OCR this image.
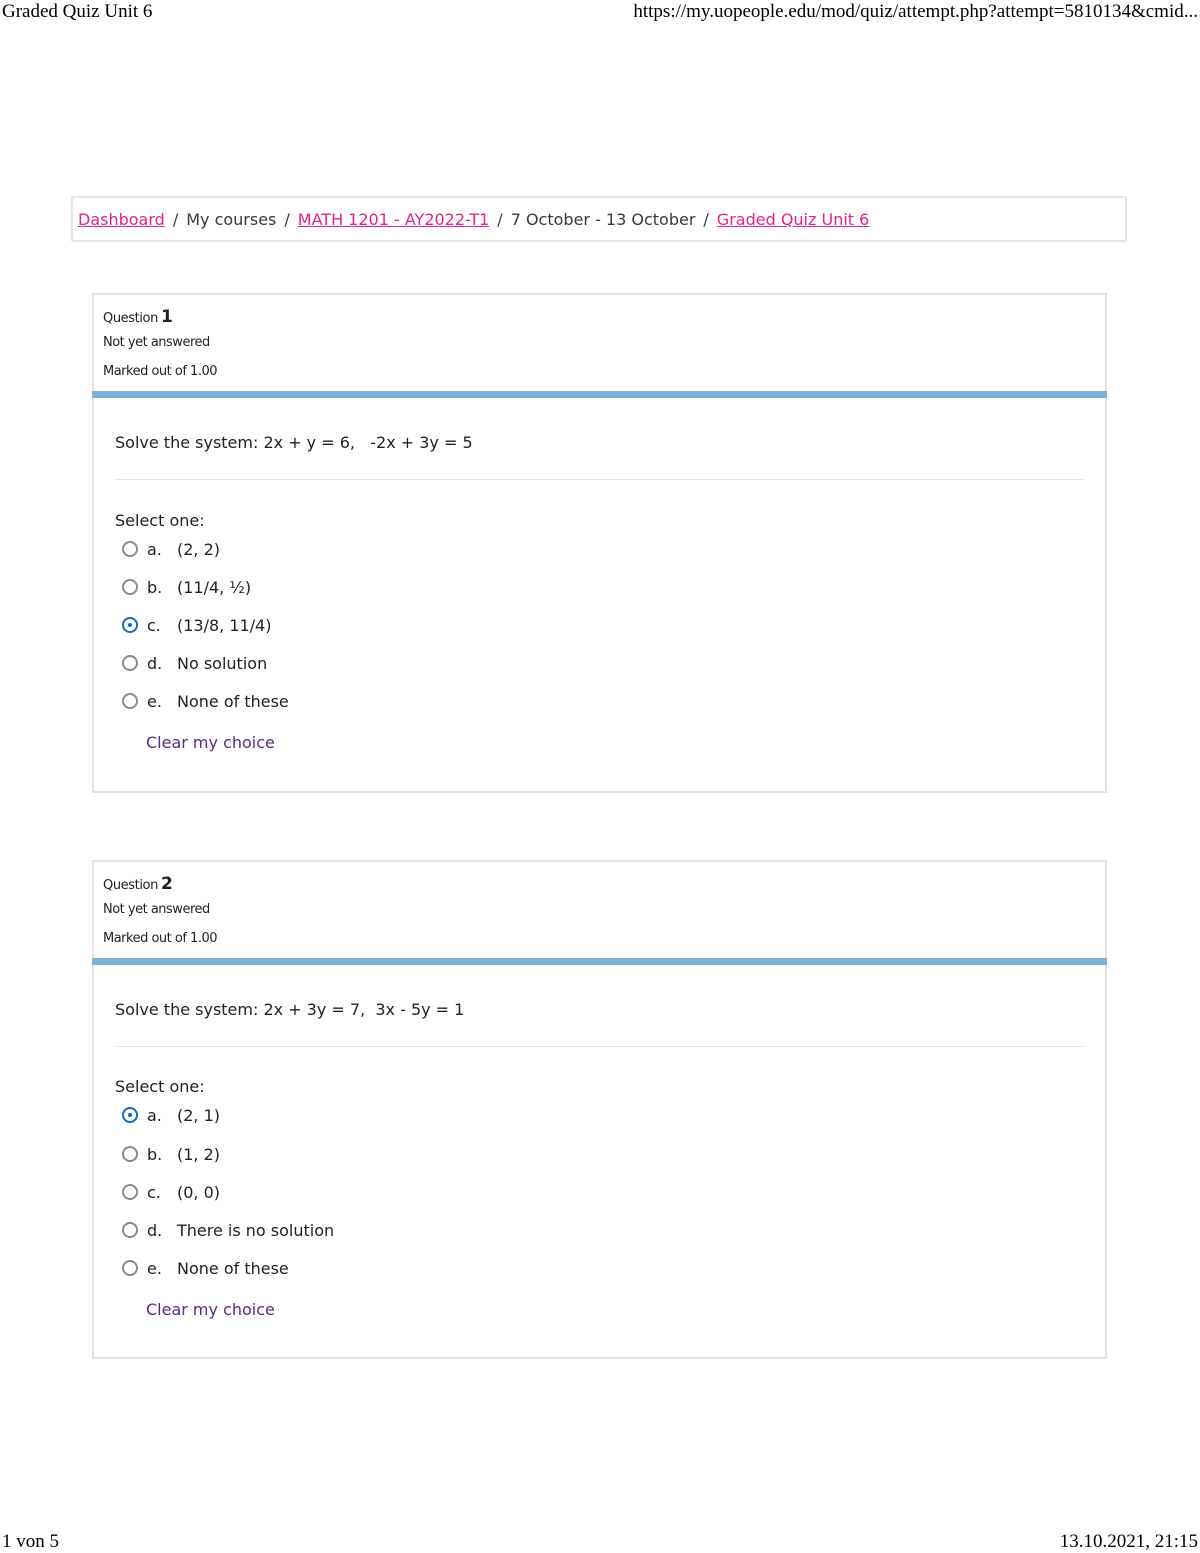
Graded Quiz Unit 6	https://my.uopeople.edu/mod/quiz/attempt.php?attempt=5810134&cmid...
Dashboard / My courses / MATH 1201 - AY2022-T1 / 7 October - 13 October / Graded Quiz Unit 6
Question 1
Not yet answered
Marked out of 1.00
Solve the system: 2x + y = 6,   -2x + 3y = 5
Select one:
a. (2, 2)
b. (11/4, ½)
c.	(13/8, 11/4)
d. No solution
e. None of these
Clear my choice
Question 2
Not yet answered
Marked out of 1.00
Solve the system: 2x + 3y = 7,  3x - 5y = 1
Select one:
a. (2, 1)
b. (1, 2)
c.	(0, 0)
d. There is no solution
e. None of these
Clear my choice
1 von 5	13.10.2021, 21:15
